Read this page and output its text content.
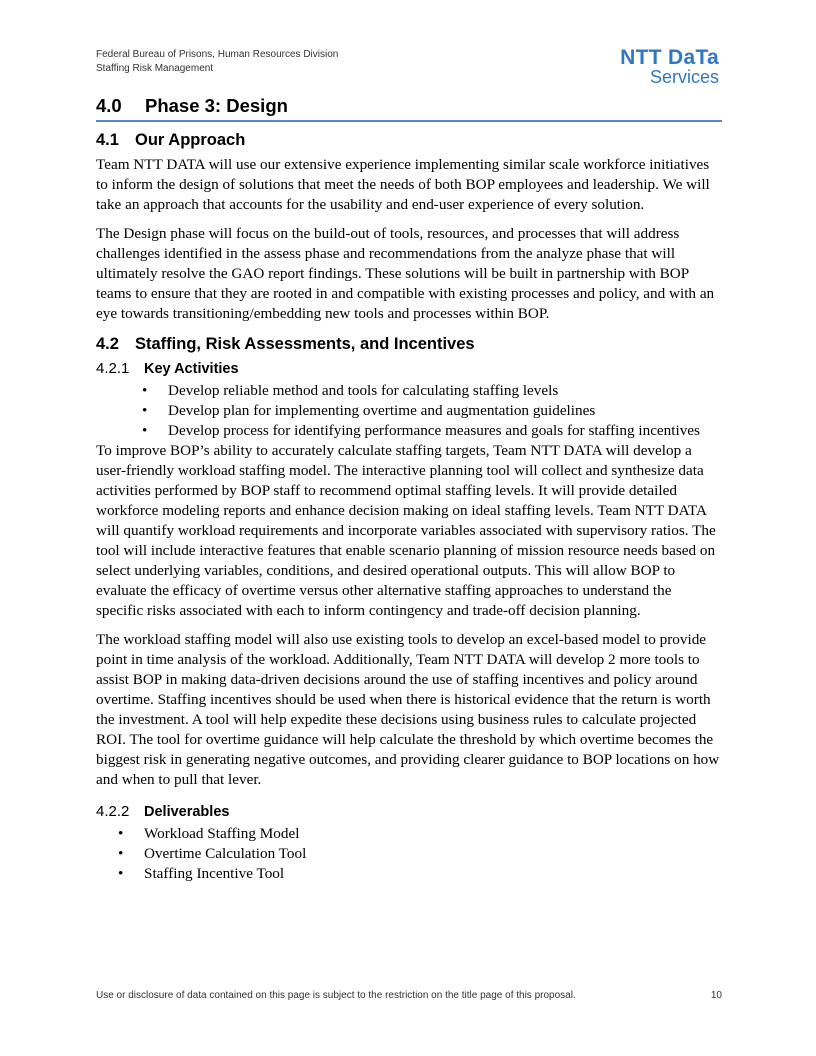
Federal Bureau of Prisons, Human Resources Division
Staffing Risk Management	NTT DaTa
Services
4.0 Phase 3: Design
4.1 Our Approach

Team NTT DATA will use our extensive experience implementing similar scale workforce initiatives to inform the design of solutions that meet the needs of both BOP employees and leadership. We will take an approach that accounts for the usability and end-user experience of every solution.

The Design phase will focus on the build-out of tools, resources, and processes that will address challenges identified in the assess phase and recommendations from the analyze phase that will ultimately resolve the GAO report findings. These solutions will be built in partnership with BOP teams to ensure that they are rooted in and compatible with existing processes and policy, and with an eye towards transitioning/embedding new tools and processes within BOP.

4.2 Staffing, Risk Assessments, and Incentives
4.2.1 Key Activities
• Develop reliable method and tools for calculating staffing levels
• Develop plan for implementing overtime and augmentation guidelines
• Develop process for identifying performance measures and goals for staffing incentives

To improve BOP’s ability to accurately calculate staffing targets, Team NTT DATA will develop a user-friendly workload staffing model. The interactive planning tool will collect and synthesize data activities performed by BOP staff to recommend optimal staffing levels. It will provide detailed workforce modeling reports and enhance decision making on ideal staffing levels. Team NTT DATA will quantify workload requirements and incorporate variables associated with supervisory ratios. The tool will include interactive features that enable scenario planning of mission resource needs based on select underlying variables, conditions, and desired operational outputs. This will allow BOP to evaluate the efficacy of overtime versus other alternative staffing approaches to understand the specific risks associated with each to inform contingency and trade-off decision planning.

The workload staffing model will also use existing tools to develop an excel-based model to provide point in time analysis of the workload. Additionally, Team NTT DATA will develop 2 more tools to assist BOP in making data-driven decisions around the use of staffing incentives and policy around overtime. Staffing incentives should be used when there is historical evidence that the return is worth the investment. A tool will help expedite these decisions using business rules to calculate projected ROI. The tool for overtime guidance will help calculate the threshold by which overtime becomes the biggest risk in generating negative outcomes, and providing clearer guidance to BOP locations on how and when to pull that lever.

4.2.2 Deliverables
• Workload Staffing Model
• Overtime Calculation Tool
• Staffing Incentive Tool
Use or disclosure of data contained on this page is subject to the restriction on the title page of this proposal.	10
